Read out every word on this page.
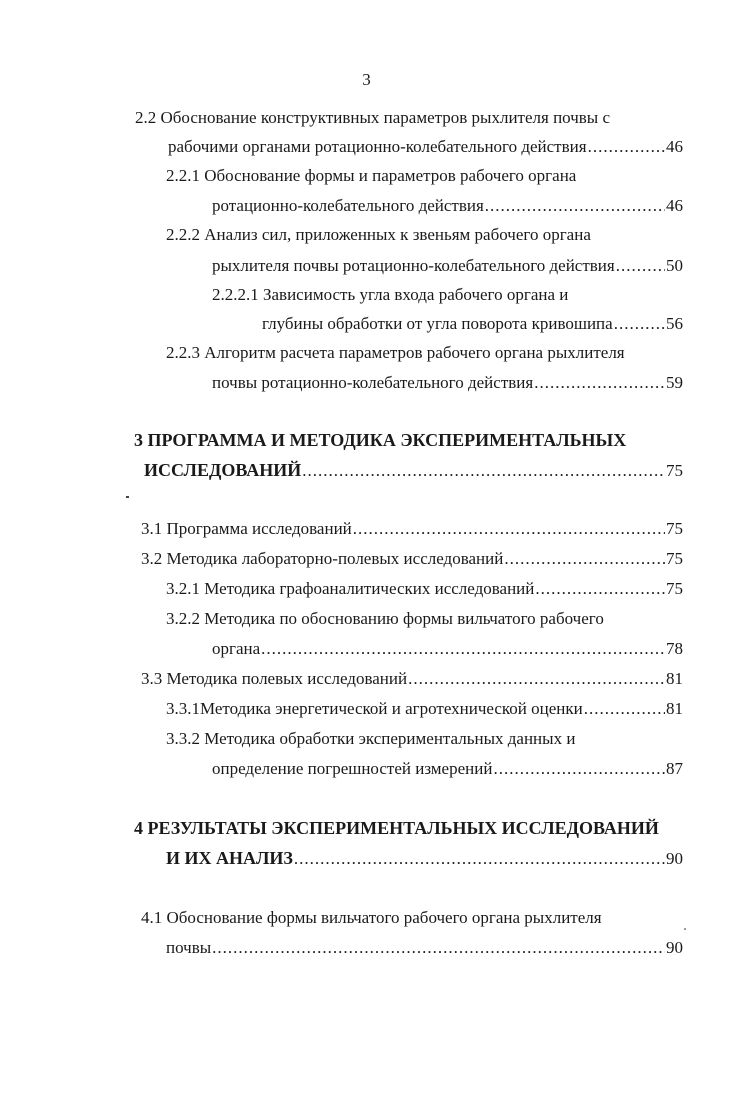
3
2.2 Обоснование конструктивных параметров рыхлителя почвы с
рабочими органами ротационно-колебательного действия .....	46
2.2.1 Обоснование формы и параметров рабочего органа
ротационно-колебательного действия .....	46
2.2.2 Анализ сил, приложенных к звеньям рабочего органа
рыхлителя почвы ротационно-колебательного действия .....	50
2.2.2.1 Зависимость угла входа рабочего органа и
глубины обработки от угла поворота кривошипа .....	56
2.2.3 Алгоритм расчета параметров рабочего органа рыхлителя
почвы ротационно-колебательного действия .....	59
3 ПРОГРАММА И МЕТОДИКА ЭКСПЕРИМЕНТАЛЬНЫХ
ИССЛЕДОВАНИЙ .....	75
3.1 Программа исследований .....	75
3.2 Методика лабораторно-полевых исследований .....	75
3.2.1 Методика графоаналитических исследований .....	75
3.2.2 Методика по обоснованию формы вильчатого рабочего
органа .....	78
3.3 Методика полевых исследований .....	81
3.3.1Методика энергетической и агротехнической оценки .....	81
3.3.2 Методика обработки экспериментальных данных и
определение погрешностей измерений .....	87
4 РЕЗУЛЬТАТЫ ЭКСПЕРИМЕНТАЛЬНЫХ ИССЛЕДОВАНИЙ
И ИХ АНАЛИЗ .....	90
4.1 Обоснование формы вильчатого рабочего органа рыхлителя
почвы .....	90
